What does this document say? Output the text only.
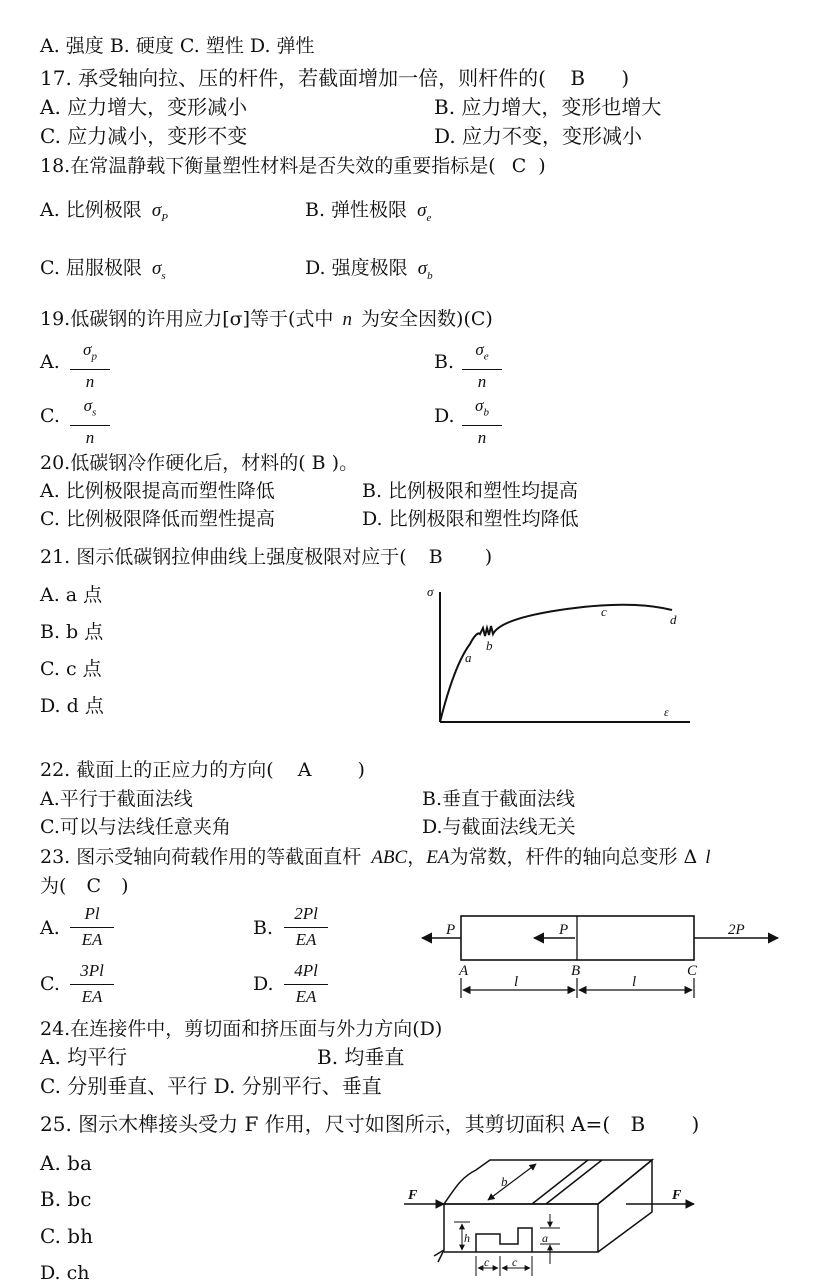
A. 强度 B. 硬度 C. 塑性 D. 弹性
17. 承受轴向拉、压的杆件，若截面增加一倍，则杆件的( B )
A. 应力增大，变形减小	B. 应力增大，变形也增大
C. 应力减小，变形不变	D. 应力不变，变形减小
18.在常温静载下衡量塑性材料是否失效的重要指标是( C )
A. 比例极限 $\sigma_P$	B. 弹性极限 $\sigma_e$
C. 屈服极限 $\sigma_s$	D. 强度极限 $\sigma_b$
19.低碳钢的许用应力[σ]等于(式中 n 为安全因数)(C)
A. $\frac{\sigma_p}{n}$	B. $\frac{\sigma_e}{n}$
C. $\frac{\sigma_s}{n}$	D. $\frac{\sigma_b}{n}$
20.低碳钢冷作硬化后，材料的( B )。
A. 比例极限提高而塑性降低	B. 比例极限和塑性均提高
C. 比例极限降低而塑性提高	D. 比例极限和塑性均降低
21. 图示低碳钢拉伸曲线上强度极限对应于( B )
A. a 点
B. b 点
C. c 点
D. d 点
σ
ε
a
b
c
d
22. 截面上的正应力的方向( A )
A.平行于截面法线	B.垂直于截面法线
C.可以与法线任意夹角	D.与截面法线无关
23. 图示受轴向荷载作用的等截面直杆 ABC，EA为常数，杆件的轴向总变形 Δ l
为( C )
A. $\frac{Pl}{EA}$	B. $\frac{2Pl}{EA}$
C. $\frac{3Pl}{EA}$	D. $\frac{4Pl}{EA}$
P	P	2P
A	B	C
l	l
24.在连接件中，剪切面和挤压面与外力方向(D)
A. 均平行	B. 均垂直
C. 分别垂直、平行 D. 分别平行、垂直
25. 图示木榫接头受力 F 作用，尺寸如图所示，其剪切面积 A=( B )
A. ba
B. bc
C. bh
D. ch
F	F
b
h	a
c c
